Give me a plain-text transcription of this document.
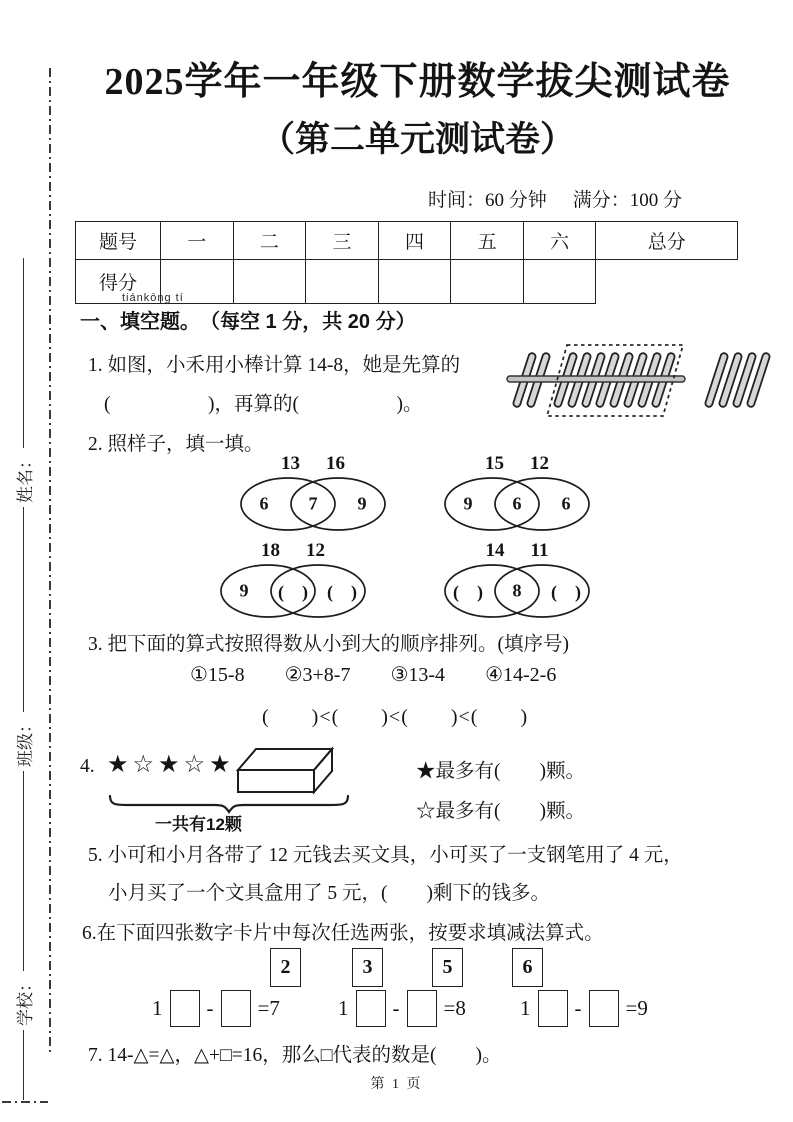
学校：
班级：
姓名：
2025学年一年级下册数学拔尖测试卷
（第二单元测试卷）
时间：60 分钟 满分：100 分
题号	一	二	三	四	五	六	总分
得分							
一、
tiánkōng tí
填空题。（每空 1 分，共 20 分）
1. 如图，小禾用小棒计算 14-8，她是先算的
(　　　　　)，再算的(　　　　　)。
2. 照样子，填一填。
13 16
6 7 9
15 12
9 6 6
18 12
9 (　) (　)
14 11
(　) 8 (　)
3. 把下面的算式按照得数从小到大的顺序排列。(填序号)
①15-8 ②3+8-7 ③13-4 ④14-2-6
(　　)<(　　)<(　　)<(　　)
4. ★☆★☆★
一共有12颗
★最多有(　　)颗。
☆最多有(　　)颗。
5. 小可和小月各带了 12 元钱去买文具，小可买了一支钢笔用了 4 元，
小月买了一个文具盒用了 5 元，(　　)剩下的钱多。
6.在下面四张数字卡片中每次任选两张，按要求填减法算式。
2	3	5	6
1 - =7	1 - =8	1 - =9
7. 14-△=△，△+□=16，那么□代表的数是(　　)。
第 1 页
